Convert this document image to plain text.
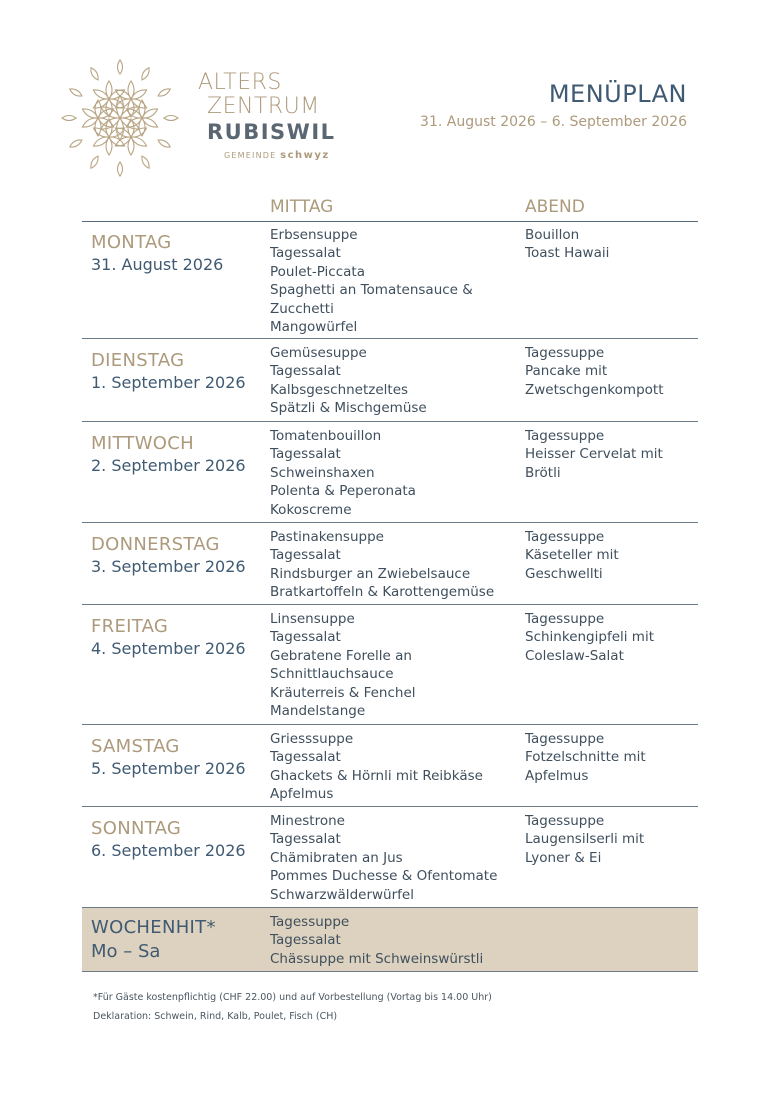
ALTERS
ZENTRUM
RUBISWIL
GEMEINDE schwyz
MENÜPLAN
31. August 2026 – 6. September 2026
MITTAG	ABEND
MONTAG
31. August 2026
Erbsensuppe
Tagessalat
Poulet-Piccata
Spaghetti an Tomatensauce &
Zucchetti
Mangowürfel
Bouillon
Toast Hawaii
DIENSTAG
1. September 2026
Gemüsesuppe
Tagessalat
Kalbsgeschnetzeltes
Spätzli & Mischgemüse
Tagessuppe
Pancake mit
Zwetschgenkompott
MITTWOCH
2. September 2026
Tomatenbouillon
Tagessalat
Schweinshaxen
Polenta & Peperonata
Kokoscreme
Tagessuppe
Heisser Cervelat mit
Brötli
DONNERSTAG
3. September 2026
Pastinakensuppe
Tagessalat
Rindsburger an Zwiebelsauce
Bratkartoffeln & Karottengemüse
Tagessuppe
Käseteller mit
Geschwellti
FREITAG
4. September 2026
Linsensuppe
Tagessalat
Gebratene Forelle an
Schnittlauchsauce
Kräuterreis & Fenchel
Mandelstange
Tagessuppe
Schinkengipfeli mit
Coleslaw-Salat
SAMSTAG
5. September 2026
Griesssuppe
Tagessalat
Ghackets & Hörnli mit Reibkäse
Apfelmus
Tagessuppe
Fotzelschnitte mit
Apfelmus
SONNTAG
6. September 2026
Minestrone
Tagessalat
Chämibraten an Jus
Pommes Duchesse & Ofentomate
Schwarzwälderwürfel
Tagessuppe
Laugensilserli mit
Lyoner & Ei
WOCHENHIT*
Mo – Sa
Tagessuppe
Tagessalat
Chässuppe mit Schweinswürstli
*Für Gäste kostenpflichtig (CHF 22.00) und auf Vorbestellung (Vortag bis 14.00 Uhr)
Deklaration: Schwein, Rind, Kalb, Poulet, Fisch (CH)
